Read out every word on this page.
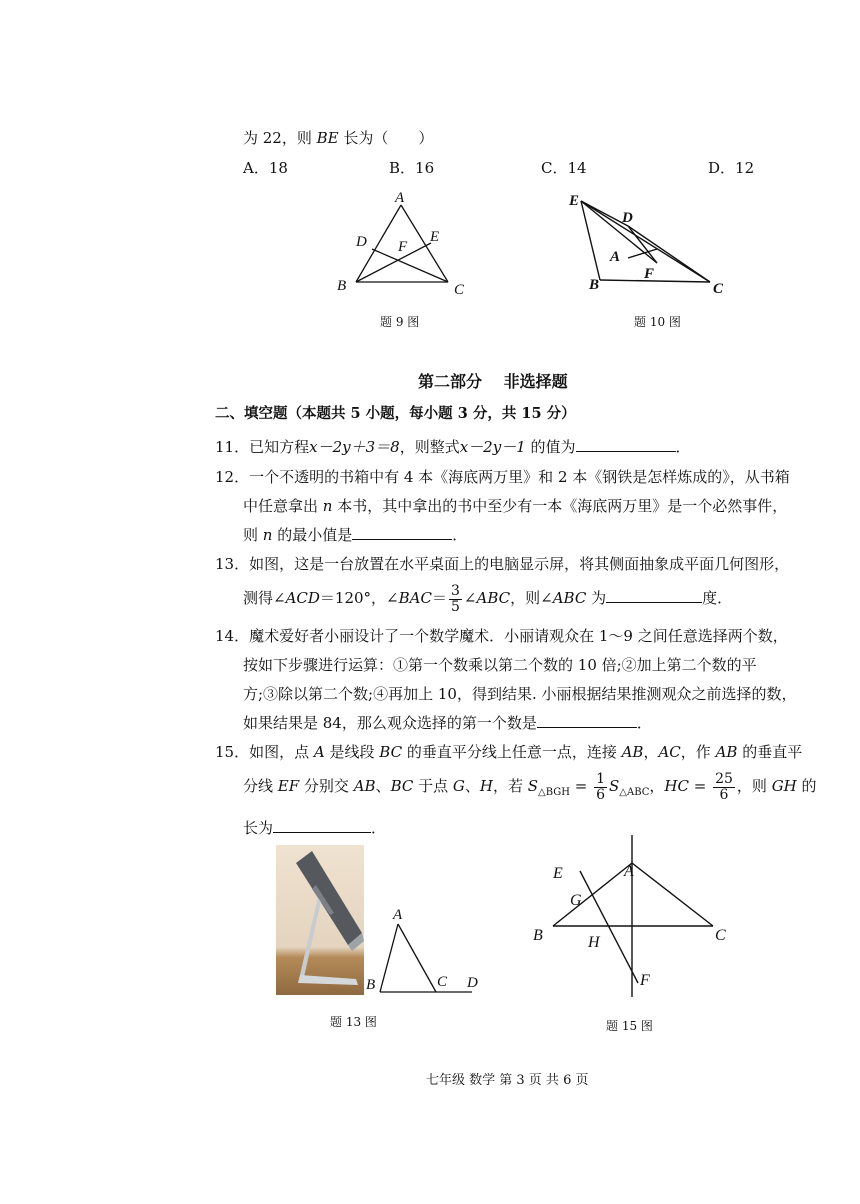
为 22，则 BE 长为（　　）
A．18	B．16	C．14	D．12
A
B	C
D	E
F
题 9 图
E
D
A
F
B	C
题 10 图
第二部分　 非选择题
二、填空题（本题共 5 小题，每小题 3 分，共 15 分）
11．已知方程x－2y＋3＝8，则整式x－2y－1 的值为	．
12．一个不透明的书箱中有 4 本《海底两万里》和 2 本《钢铁是怎样炼成的》，从书箱
中任意拿出 n 本书，其中拿出的书中至少有一本《海底两万里》是一个必然事件，
则 n 的最小值是	．
13．如图，这是一台放置在水平桌面上的电脑显示屏，将其侧面抽象成平面几何图形，
测得∠ACD＝120°，∠BAC＝ $\frac{3}{5}$ ∠ABC，则∠ABC 为	度．
14．魔术爱好者小丽设计了一个数学魔术．小丽请观众在 1～9 之间任意选择两个数，
按如下步骤进行运算：①第一个数乘以第二个数的 10 倍;②加上第二个数的平
方;③除以第二个数;④再加上 10，得到结果. 小丽根据结果推测观众之前选择的数，
如果结果是 84，那么观众选择的第一个数是	．
15．如图，点 A 是线段 BC 的垂直平分线上任意一点，连接 AB，AC，作 AB 的垂直平
分线 EF 分别交 AB、BC 于点 G、H，若 $S_{\triangle BGH} = \frac{1}{6} S_{\triangle ABC}$，HC = $\frac{25}{6}$ ，则 GH 的
长为	．
A
B	C D
题 13 图
A
B	C
E
G
H
F
题 15 图
七年级 数学 第 3 页 共 6 页
